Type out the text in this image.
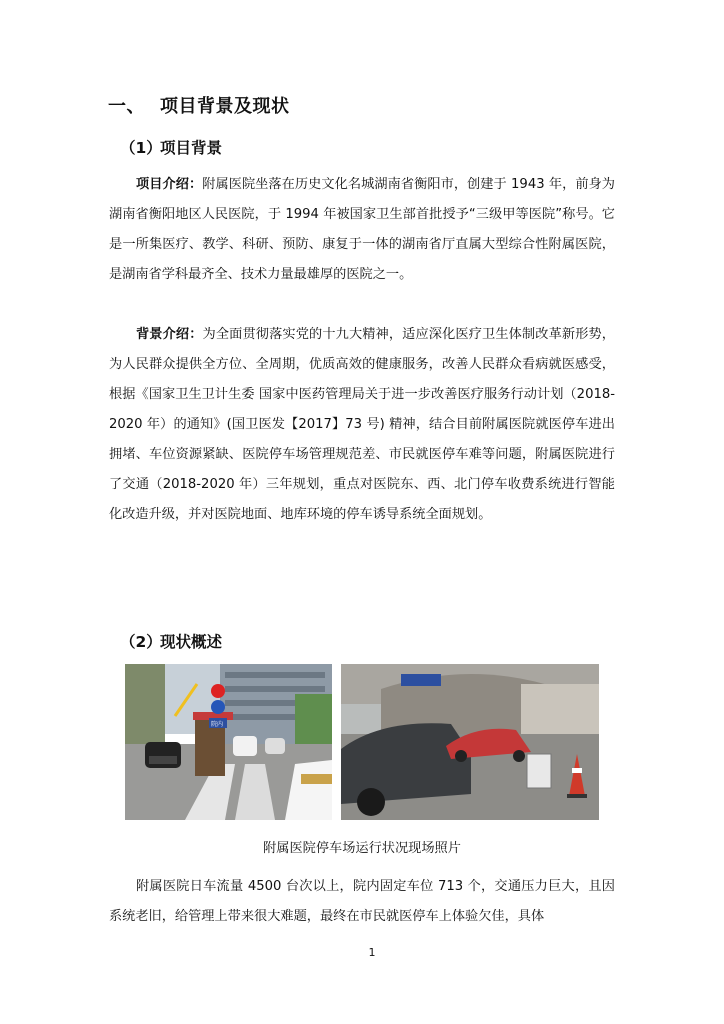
一、 项目背景及现状
（1）项目背景

项目介绍：附属医院坐落在历史文化名城湖南省衡阳市，创建于 1943 年，前身为湖南省衡阳地区人民医院，于 1994 年被国家卫生部首批授予“三级甲等医院”称号。它是一所集医疗、教学、科研、预防、康复于一体的湖南省厅直属大型综合性附属医院，是湖南省学科最齐全、技术力量最雄厚的医院之一。

背景介绍：为全面贯彻落实党的十九大精神，适应深化医疗卫生体制改革新形势，为人民群众提供全方位、全周期，优质高效的健康服务，改善人民群众看病就医感受，根据《国家卫生卫计生委 国家中医药管理局关于进一步改善医疗服务行动计划（2018-2020 年）的通知》(国卫医发【2017】73 号) 精神，结合目前附属医院就医停车进出拥堵、车位资源紧缺、医院停车场管理规范差、市民就医停车难等问题，附属医院进行了交通（2018-2020 年）三年规划，重点对医院东、西、北门停车收费系统进行智能化改造升级，并对医院地面、地库环境的停车诱导系统全面规划。

（2）现状概述
院内
附属医院停车场运行状况现场照片

附属医院日车流量 4500 台次以上，院内固定车位 713 个，交通压力巨大，且因系统老旧，给管理上带来很大难题，最终在市民就医停车上体验欠佳，具体

1
